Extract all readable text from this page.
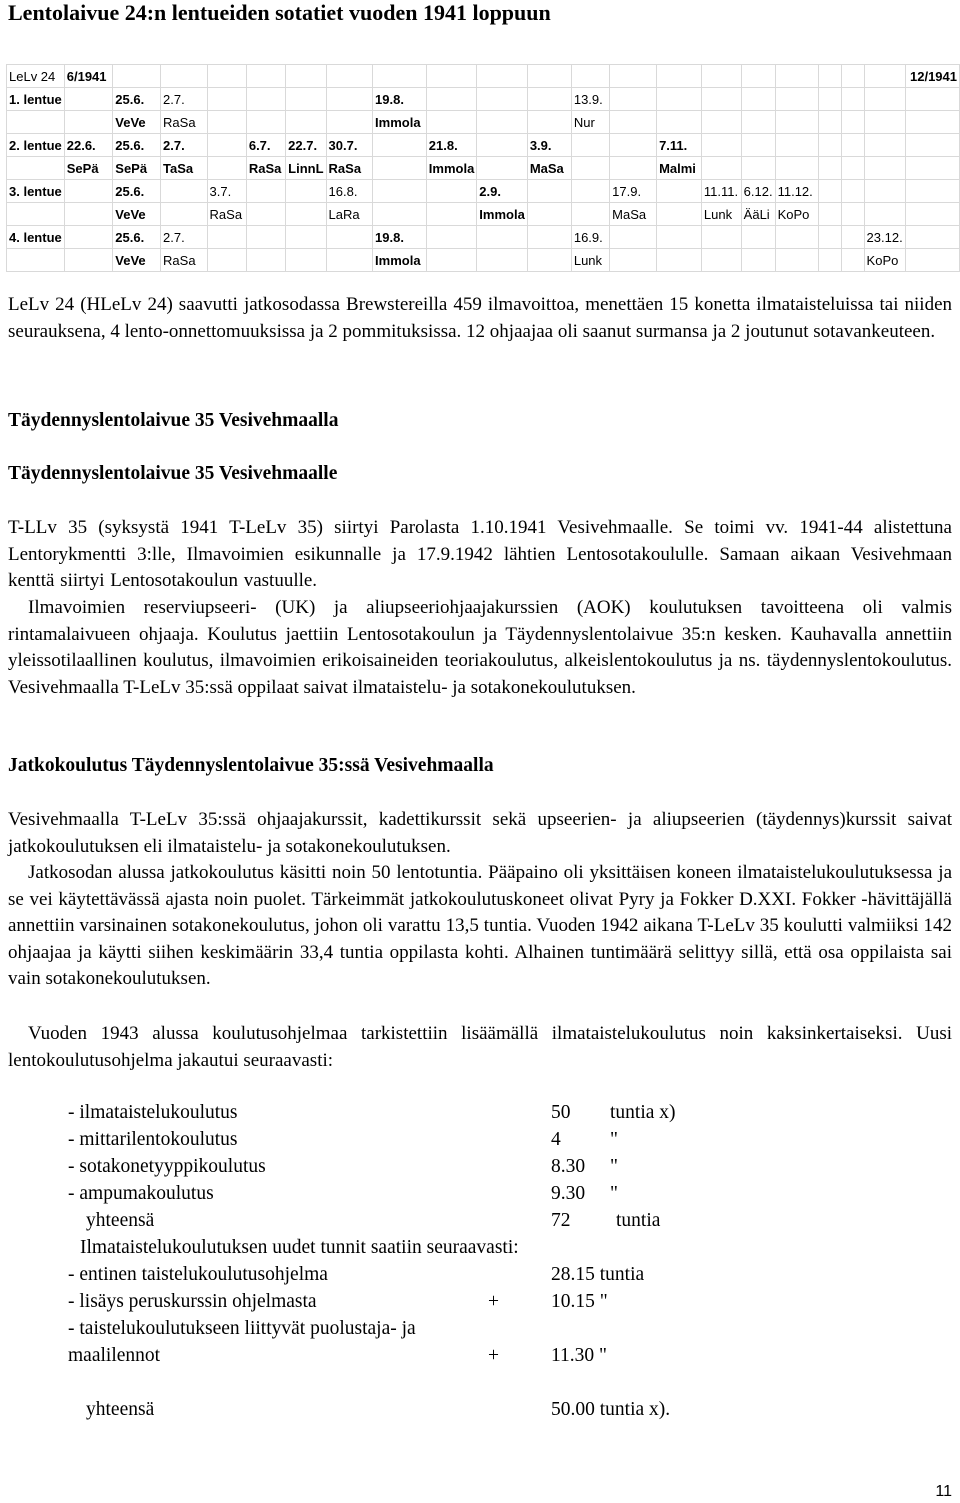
Lentolaivue 24:n lentueiden sotatiet vuoden 1941 loppuun
LeLv 24	6/1941																				12/1941
1. lentue		25.6.	2.7.					19.8.				13.9.									
		VeVe	RaSa					Immola				Nur									
2. lentue	22.6.	25.6.	2.7.		6.7.	22.7.	30.7.		21.8.		3.9.			7.11.							
	SePä	SePä	TaSa		RaSa	LinnL	RaSa		Immola		MaSa			Malmi							
3. lentue		25.6.		3.7.			16.8.			2.9.			17.9.		11.11.	6.12.	11.12.				
		VeVe		RaSa			LaRa			Immola			MaSa		Lunk	ÄäLi	KoPo				
4. lentue		25.6.	2.7.					19.8.				16.9.								23.12.	
		VeVe	RaSa					Immola				Lunk								KoPo	

LeLv 24 (HLeLv 24) saavutti jatkosodassa Brewstereilla 459 ilmavoittoa, menettäen 15 konetta ilmataisteluissa tai niiden seurauksena, 4 lento-onnettomuuksissa ja 2 pommituksissa. 12 ohjaajaa oli saanut surmansa ja 2 joutunut sotavankeuteen.

Täydennyslentolaivue 35 Vesivehmaalla
Täydennyslentolaivue 35 Vesivehmaalle

T-LLv 35 (syksystä 1941 T-LeLv 35) siirtyi Parolasta 1.10.1941 Vesivehmaalle. Se toimi vv. 1941-44 alistettuna Lentorykmentti 3:lle, Ilmavoimien esikunnalle ja 17.9.1942 lähtien Lentosotakoululle. Samaan aikaan Vesivehmaan kenttä siirtyi Lentosotakoulun vastuulle.

Ilmavoimien reserviupseeri- (UK) ja aliupseeriohjaajakurssien (AOK) koulutuksen tavoitteena oli valmis rintamalaivueen ohjaaja. Koulutus jaettiin Lentosotakoulun ja Täydennyslentolaivue 35:n kesken. Kauhavalla annettiin yleissotilaallinen koulutus, ilmavoimien erikoisaineiden teoriakoulutus, alkeislentokoulutus ja ns. täydennyslentokoulutus. Vesivehmaalla T-LeLv 35:ssä oppilaat saivat ilmataistelu- ja sotakonekoulutuksen.

Jatkokoulutus Täydennyslentolaivue 35:ssä Vesivehmaalla

Vesivehmaalla T-LeLv 35:ssä ohjaajakurssit, kadettikurssit sekä upseerien- ja aliupseerien (täydennys)kurssit saivat jatkokoulutuksen eli ilmataistelu- ja sotakonekoulutuksen.

Jatkosodan alussa jatkokoulutus käsitti noin 50 lentotuntia. Pääpaino oli yksittäisen koneen ilmataistelukoulutuksessa ja se vei käytettävässä ajasta noin puolet. Tärkeimmät jatkokoulutuskoneet olivat Pyry ja Fokker D.XXI. Fokker -hävittäjällä annettiin varsinainen sotakonekoulutus, johon oli varattu 13,5 tuntia. Vuoden 1942 aikana T-LeLv 35 koulutti valmiiksi 142 ohjaajaa ja käytti siihen keskimäärin 33,4 tuntia oppilasta kohti. Alhainen tuntimäärä selittyy sillä, että osa oppilaista sai vain sotakonekoulutuksen.

Vuoden 1943 alussa koulutusohjelmaa tarkistettiin lisäämällä ilmataistelukoulutus noin kaksinkertaiseksi. Uusi lentokoulutusohjelma jakautui seuraavasti:

- ilmataistelukoulutus	50 tuntia x)
- mittarilentokoulutus	4	"
- sotakonetyyppikoulutus	8.30 "
- ampumakoulutus	9.30 "
yhteensä	72 tuntia
Ilmataistelukoulutuksen uudet tunnit saatiin seuraavasti:
- entinen taistelukoulutusohjelma	28.15 tuntia
- lisäys peruskurssin ohjelmasta	+	10.15 "
- taistelukoulutukseen liittyvät puolustaja- ja
maalilennot	+	11.30 "
yhteensä	50.00 tuntia x).
11
